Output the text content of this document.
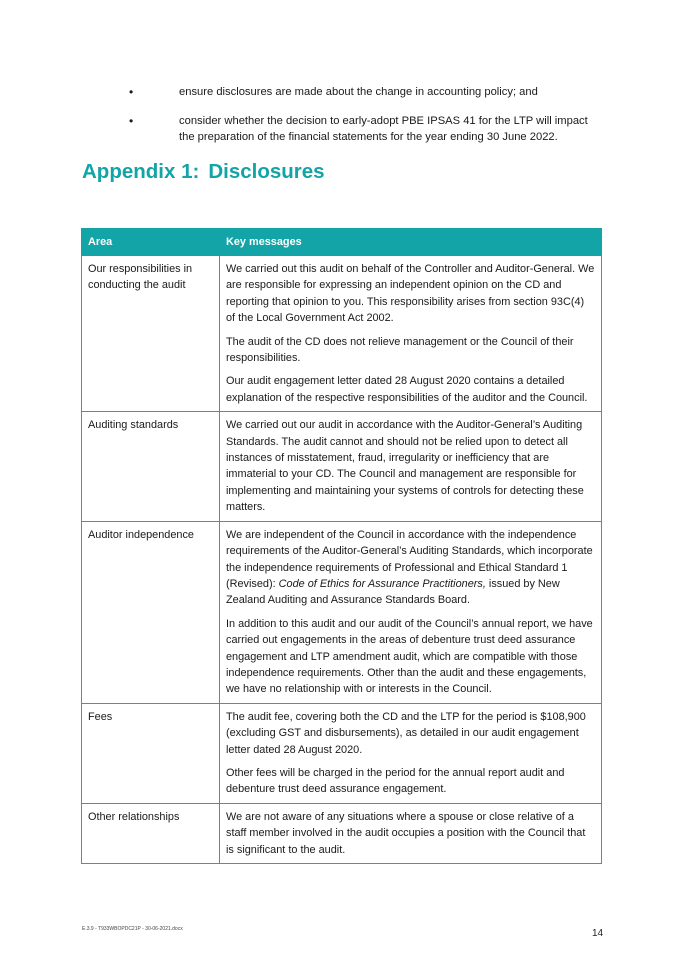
•	ensure disclosures are made about the change in accounting policy; and
•	consider whether the decision to early-adopt PBE IPSAS 41 for the LTP will impact the preparation of the financial statements for the year ending 30 June 2022.
Appendix 1: Disclosures
Area	Key messages
Our responsibilities in conducting the audit	We carried out this audit on behalf of the Controller and Auditor-General. We are responsible for expressing an independent opinion on the CD and reporting that opinion to you. This responsibility arises from section 93C(4) of the Local Government Act 2002.

The audit of the CD does not relieve management or the Council of their responsibilities.

Our audit engagement letter dated 28 August 2020 contains a detailed explanation of the respective responsibilities of the auditor and the Council.

Auditing standards	We carried out our audit in accordance with the Auditor-General’s Auditing Standards. The audit cannot and should not be relied upon to detect all instances of misstatement, fraud, irregularity or inefficiency that are immaterial to your CD. The Council and management are responsible for implementing and maintaining your systems of controls for detecting these matters.

Auditor independence	We are independent of the Council in accordance with the independence requirements of the Auditor-General’s Auditing Standards, which incorporate the independence requirements of Professional and Ethical Standard 1 (Revised): Code of Ethics for Assurance Practitioners, issued by New Zealand Auditing and Assurance Standards Board.

In addition to this audit and our audit of the Council’s annual report, we have carried out engagements in the areas of debenture trust deed assurance engagement and LTP amendment audit, which are compatible with those independence requirements. Other than the audit and these engagements, we have no relationship with or interests in the Council.

Fees	The audit fee, covering both the CD and the LTP for the period is $108,900 (excluding GST and disbursements), as detailed in our audit engagement letter dated 28 August 2020.

Other fees will be charged in the period for the annual report audit and debenture trust deed assurance engagement.

Other relationships	We are not aware of any situations where a spouse or close relative of a staff member involved in the audit occupies a position with the Council that is significant to the audit.

E.3.9 - T933WBOPDC21P - 30-06-2021.docx	14
